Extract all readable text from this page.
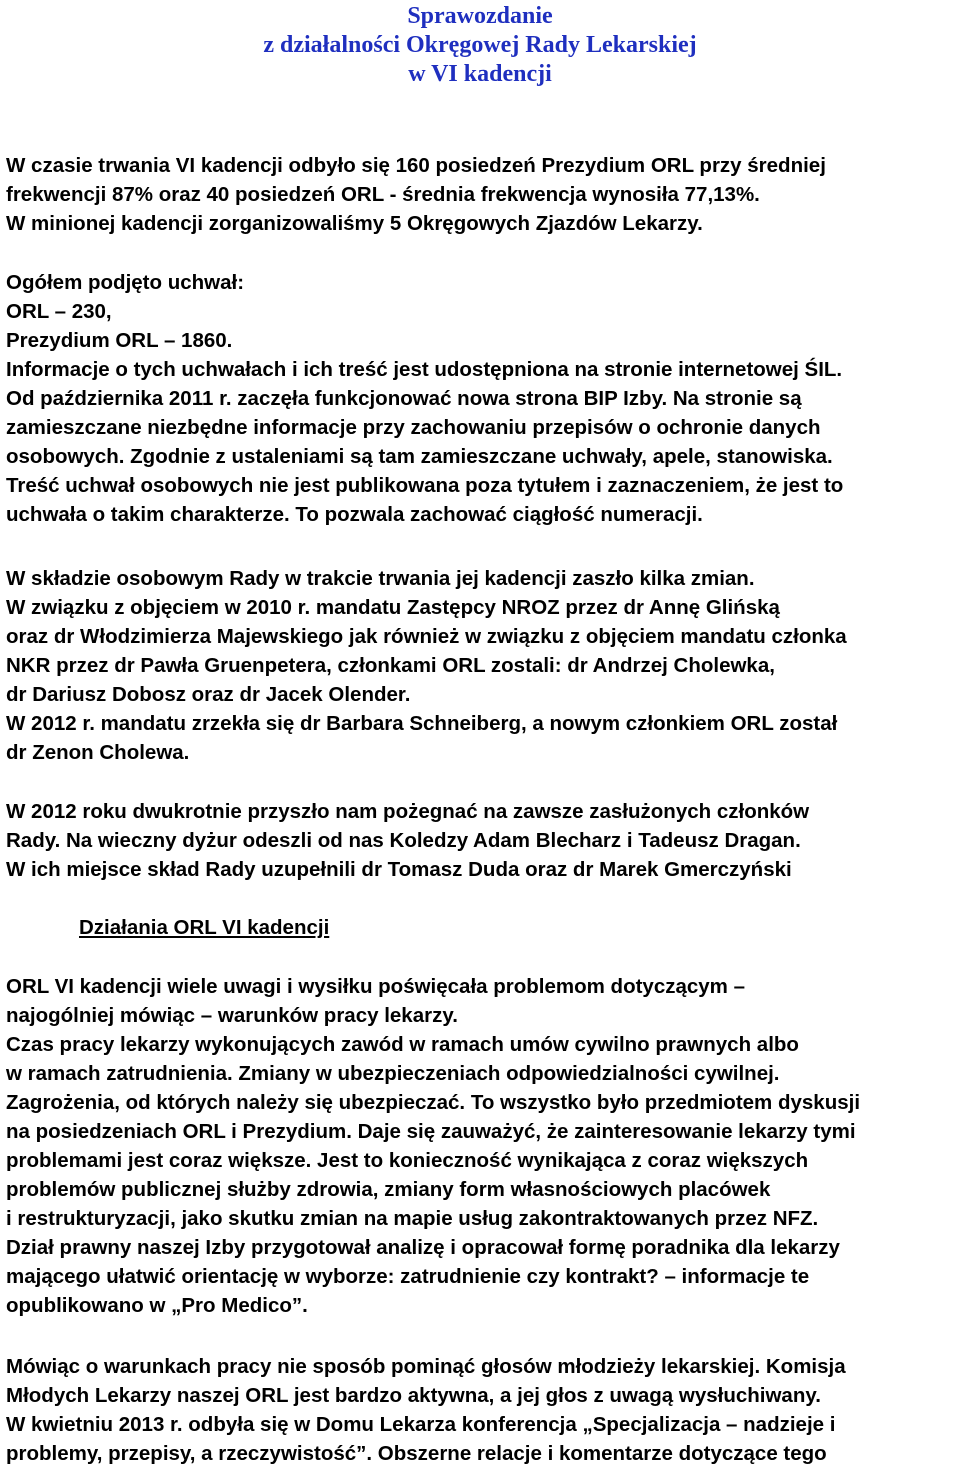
Sprawozdanie
z działalności Okręgowej Rady Lekarskiej
w VI kadencji
W czasie trwania VI kadencji odbyło się 160 posiedzeń Prezydium ORL przy średniej
frekwencji 87% oraz 40 posiedzeń ORL - średnia frekwencja wynosiła 77,13%.
W minionej kadencji zorganizowaliśmy 5 Okręgowych Zjazdów Lekarzy.
Ogółem podjęto uchwał:
ORL – 230,
Prezydium ORL – 1860.
Informacje o tych uchwałach i ich treść jest udostępniona na stronie internetowej ŚIL.
Od października 2011 r. zaczęła funkcjonować nowa strona BIP Izby. Na stronie są
zamieszczane niezbędne informacje przy zachowaniu przepisów o ochronie danych
osobowych. Zgodnie z ustaleniami są tam zamieszczane uchwały, apele, stanowiska.
Treść uchwał osobowych nie jest publikowana poza tytułem i zaznaczeniem, że jest to
uchwała o takim charakterze. To pozwala zachować ciągłość numeracji.
W składzie osobowym Rady w trakcie trwania jej kadencji zaszło kilka zmian.
W związku z objęciem w 2010 r. mandatu Zastępcy NROZ przez dr Annę Glińską
oraz dr Włodzimierza Majewskiego jak również w związku z objęciem mandatu członka
NKR przez dr Pawła Gruenpetera, członkami ORL zostali: dr Andrzej Cholewka,
dr Dariusz Dobosz oraz dr Jacek Olender.
W 2012 r. mandatu zrzekła się dr Barbara Schneiberg, a nowym członkiem ORL został
dr Zenon Cholewa.
W 2012 roku dwukrotnie przyszło nam pożegnać na zawsze zasłużonych członków
Rady. Na wieczny dyżur odeszli od nas Koledzy Adam Blecharz i Tadeusz Dragan.
W ich miejsce skład Rady uzupełnili dr Tomasz Duda oraz dr Marek Gmerczyński
Działania ORL VI kadencji
ORL VI kadencji wiele uwagi i wysiłku poświęcała problemom dotyczącym –
najogólniej mówiąc – warunków pracy lekarzy.
Czas pracy lekarzy wykonujących zawód w ramach umów cywilno prawnych albo
w ramach zatrudnienia. Zmiany w ubezpieczeniach odpowiedzialności cywilnej.
Zagrożenia, od których należy się ubezpieczać. To wszystko było przedmiotem dyskusji
na posiedzeniach ORL i Prezydium. Daje się zauważyć, że zainteresowanie lekarzy tymi
problemami jest coraz większe. Jest to konieczność wynikająca z coraz większych
problemów publicznej służby zdrowia, zmiany form własnościowych placówek
i restrukturyzacji, jako skutku zmian na mapie usług zakontraktowanych przez NFZ.
Dział prawny naszej Izby przygotował analizę i opracował formę poradnika dla lekarzy
mającego ułatwić orientację w wyborze: zatrudnienie czy kontrakt? – informacje te
opublikowano w „Pro Medico”.
Mówiąc o warunkach pracy nie sposób pominąć głosów młodzieży lekarskiej. Komisja
Młodych Lekarzy naszej ORL jest bardzo aktywna, a jej głos z uwagą wysłuchiwany.
W kwietniu 2013 r. odbyła się w Domu Lekarza konferencja „Specjalizacja – nadzieje i
problemy, przepisy, a rzeczywistość”. Obszerne relacje i komentarze dotyczące tego
